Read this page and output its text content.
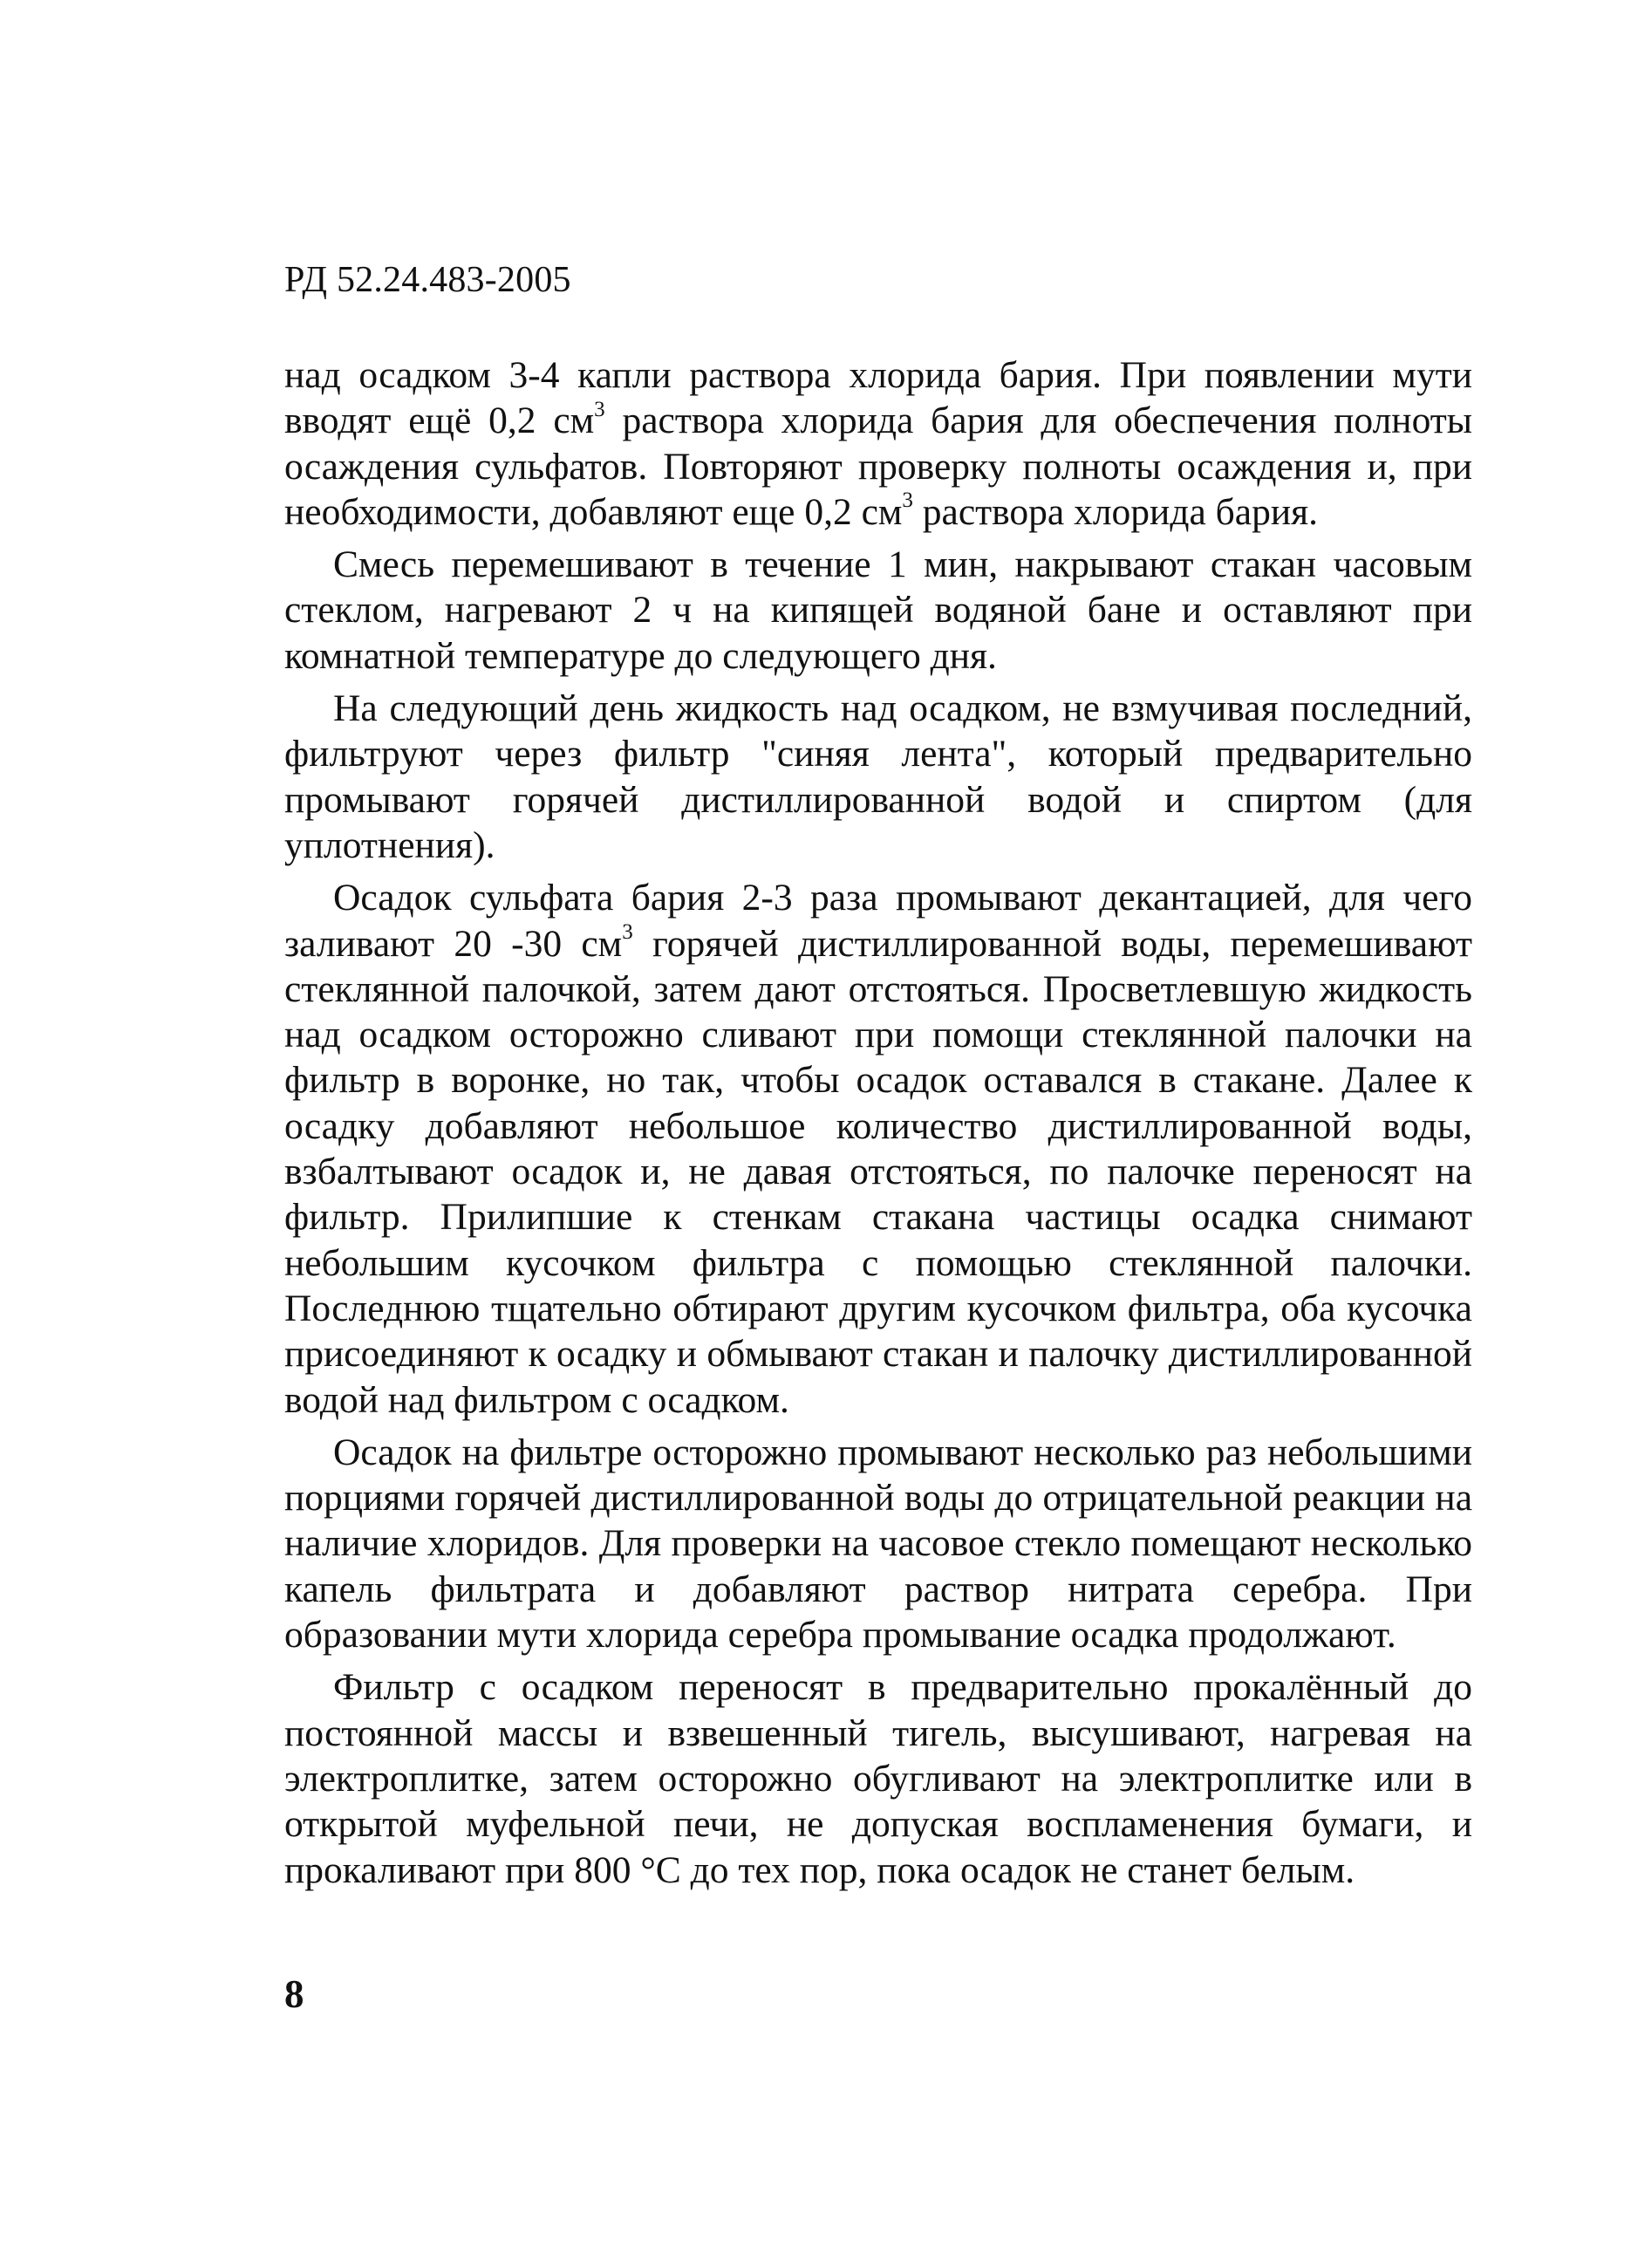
РД 52.24.483-2005

над осадком 3-4 капли раствора хлорида бария. При появлении мути вводят ещё 0,2 $см^3$ раствора хлорида бария для обеспечения полноты осаждения сульфатов. Повторяют проверку полноты осаждения и, при необходимости, добавляют еще 0,2 $см^3$ раствора хлорида бария.

Смесь перемешивают в течение 1 мин, накрывают стакан часовым стеклом, нагревают 2 ч на кипящей водяной бане и оставляют при комнатной температуре до следующего дня.

На следующий день жидкость над осадком, не взмучивая последний, фильтруют через фильтр "синяя лента", который предварительно промывают горячей дистиллированной водой и спиртом (для уплотнения).

Осадок сульфата бария 2-3 раза промывают декантацией, для чего заливают 20 -30 $см^3$ горячей дистиллированной воды, перемешивают стеклянной палочкой, затем дают отстояться. Просветлевшую жидкость над осадком осторожно сливают при помощи стеклянной палочки на фильтр в воронке, но так, чтобы осадок оставался в стакане. Далее к осадку добавляют небольшое количество дистиллированной воды, взбалтывают осадок и, не давая отстояться, по палочке переносят на фильтр. Прилипшие к стенкам стакана частицы осадка снимают небольшим кусочком фильтра с помощью стеклянной палочки. Последнюю тщательно обтирают другим кусочком фильтра, оба кусочка присоединяют к осадку и обмывают стакан и палочку дистиллированной водой над фильтром с осадком.

Осадок на фильтре осторожно промывают несколько раз небольшими порциями горячей дистиллированной воды до отрицательной реакции на наличие хлоридов. Для проверки на часовое стекло помещают несколько капель фильтрата и добавляют раствор нитрата серебра. При образовании мути хлорида серебра промывание осадка продолжают.

Фильтр с осадком переносят в предварительно прокалённый до постоянной массы и взвешенный тигель, высушивают, нагревая на электроплитке, затем осторожно обугливают на электроплитке или в открытой муфельной печи, не допуская воспламенения бумаги, и прокаливают при 800 °С до тех пор, пока осадок не станет белым.

8
